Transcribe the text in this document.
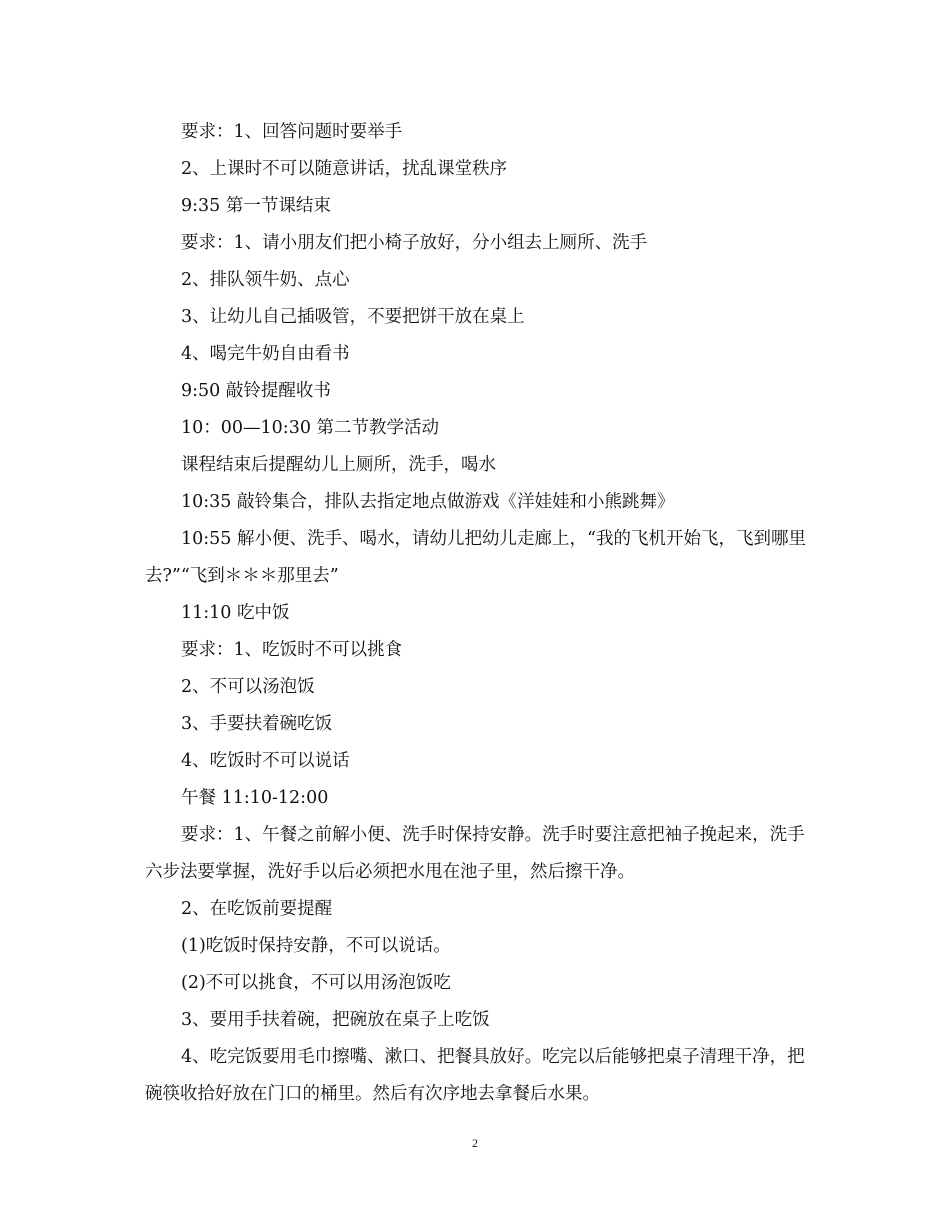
要求：1、回答问题时要举手

2、上课时不可以随意讲话，扰乱课堂秩序

9:35 第一节课结束

要求：1、请小朋友们把小椅子放好，分小组去上厕所、洗手

2、排队领牛奶、点心

3、让幼儿自己插吸管，不要把饼干放在桌上

4、喝完牛奶自由看书

9:50 敲铃提醒收书

10：00—10:30 第二节教学活动

课程结束后提醒幼儿上厕所，洗手，喝水

10:35 敲铃集合，排队去指定地点做游戏《洋娃娃和小熊跳舞》

10:55 解小便、洗手、喝水，请幼儿把幼儿走廊上，“我的飞机开始飞，飞到哪里去?”“飞到＊＊＊那里去”

11:10 吃中饭

要求：1、吃饭时不可以挑食

2、不可以汤泡饭

3、手要扶着碗吃饭

4、吃饭时不可以说话

午餐 11:10-12:00

要求：1、午餐之前解小便、洗手时保持安静。洗手时要注意把袖子挽起来，洗手六步法要掌握，洗好手以后必须把水甩在池子里，然后擦干净。

2、在吃饭前要提醒

(1)吃饭时保持安静，不可以说话。

(2)不可以挑食，不可以用汤泡饭吃

3、要用手扶着碗，把碗放在桌子上吃饭

4、吃完饭要用毛巾擦嘴、漱口、把餐具放好。吃完以后能够把桌子清理干净，把碗筷收拾好放在门口的桶里。然后有次序地去拿餐后水果。

2
